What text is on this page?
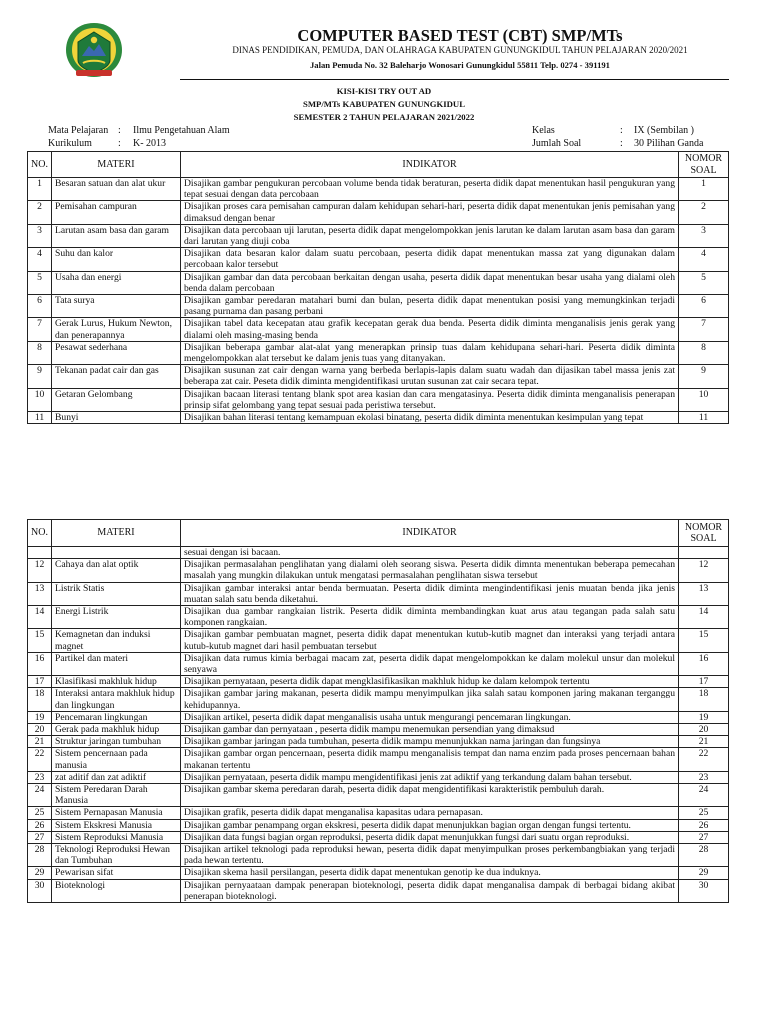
COMPUTER BASED TEST (CBT) SMP/MTs
DINAS PENDIDIKAN, PEMUDA, DAN OLAHRAGA KABUPATEN GUNUNGKIDUL TAHUN PELAJARAN 2020/2021
Jalan Pemuda No. 32 Baleharjo Wonosari Gunungkidul 55811 Telp. 0274 - 391191
KISI-KISI TRY OUT AD
SMP/MTs KABUPATEN GUNUNGKIDUL
SEMESTER 2 TAHUN PELAJARAN 2021/2022
Mata Pelajaran : Ilmu Pengetahuan Alam
Kurikulum	: K- 2013
Kelas	: IX (Sembilan )
Jumlah Soal	: 30 Pilihan Ganda
NO.	MATERI	INDIKATOR	NOMOR
SOAL

1	Besaran satuan dan alat ukur	Disajikan gambar pengukuran percobaan volume benda tidak beraturan, peserta didik dapat menentukan hasil pengukuran yang tepat sesuai dengan data percobaan	1
2	Pemisahan campuran	Disajikan proses cara pemisahan campuran dalam kehidupan sehari-hari, peserta didik dapat menentukan jenis pemisahan yang dimaksud dengan benar	2
3	Larutan asam basa dan garam	Disajikan data percobaan uji larutan, peserta didik dapat mengelompokkan jenis larutan ke dalam larutan asam basa dan garam dari larutan yang diuji coba	3
4	Suhu dan kalor	Disajikan data besaran kalor dalam suatu percobaan, peserta didik dapat menentukan massa zat yang digunakan dalam percobaan kalor tersebut	4
5	Usaha dan energi	Disajikan gambar dan data percobaan berkaitan dengan usaha, peserta didik dapat menentukan besar usaha yang dialami oleh benda dalam percobaan	5
6	Tata surya	Disajikan gambar peredaran matahari bumi dan bulan, peserta didik dapat menentukan posisi yang memungkinkan terjadi pasang purnama dan pasang perbani	6
7	Gerak Lurus, Hukum Newton, dan penerapannya	Disajikan tabel data kecepatan atau grafik kecepatan gerak dua benda. Peserta didik diminta menganalisis jenis gerak yang dialami oleh masing-masing benda	7
8	Pesawat sederhana	Disajikan beberapa gambar alat-alat yang menerapkan prinsip tuas dalam kehidupana sehari-hari. Peserta didik diminta mengelompokkan alat tersebut ke dalam jenis tuas yang ditanyakan.	8
9	Tekanan padat cair dan gas	Disajikan susunan zat cair dengan warna yang berbeda berlapis-lapis dalam suatu wadah dan dijasikan tabel massa jenis zat beberapa zat cair. Peseta didik diminta mengidentifikasi urutan susunan zat cair secara tepat.	9
10	Getaran Gelombang	Disajikan bacaan literasi tentang blank spot area kasian dan cara mengatasinya. Peserta didik diminta menganalisis penerapan prinsip sifat gelombang yang tepat sesuai pada peristiwa tersebut.	10
11	Bunyi	Disajikan bahan literasi tentang kemampuan ekolasi binatang, peserta didik diminta menentukan kesimpulan yang tepat	11
NO.	MATERI	INDIKATOR	NOMOR
SOAL

		sesuai dengan isi bacaan.	
12	Cahaya dan alat optik	Disajikan permasalahan penglihatan yang dialami oleh seorang siswa. Peserta didik dimnta menentukan beberapa pemecahan masalah yang mungkin dilakukan untuk mengatasi permasalahan penglihatan siswa tersebut	12
13	Listrik Statis	Disajikan gambar interaksi antar benda bermuatan. Peserta didik diminta mengindentifikasi jenis muatan benda jika jenis muatan salah satu benda diketahui.	13
14	Energi Listrik	Disajikan dua gambar rangkaian listrik. Peserta didik diminta membandingkan kuat arus atau tegangan pada salah satu komponen rangkaian.	14
15	Kemagnetan dan induksi magnet	Disajikan gambar pembuatan magnet, peserta didik dapat menentukan kutub-kutib magnet dan interaksi yang terjadi antara kutub-kutub magnet dari hasil pembuatan tersebut	15
16	Partikel dan materi	Disajikan data rumus kimia berbagai macam zat, peserta didik dapat mengelompokkan ke dalam molekul unsur dan molekul senyawa	16
17	Klasifikasi makhluk hidup	Disajikan pernyataan, peserta didik dapat mengklasifikasikan makhluk hidup ke dalam kelompok tertentu	17
18	Interaksi antara makhluk hidup dan lingkungan	Disajikan gambar jaring makanan, peserta didik mampu menyimpulkan jika salah satau komponen jaring makanan terganggu kehidupannya.	18
19	Pencemaran lingkungan	Disajikan artikel, peserta didik dapat menganalisis usaha untuk mengurangi pencemaran lingkungan.	19
20	Gerak pada makhluk hidup	Disajikan gambar dan pernyataan , peserta didik mampu menemukan persendian yang dimaksud	20
21	Struktur jaringan tumbuhan	Disajikan gambar jaringan pada tumbuhan, peserta didik mampu menunjukkan nama jaringan dan fungsinya	21
22	Sistem pencernaan pada manusia	Disajikan gambar organ pencernaan, peserta didik mampu menganalisis tempat dan nama enzim pada proses pencernaan bahan makanan tertentu	22
23	zat aditif dan zat adiktif	Disajikan pernyataan, peserta didik mampu mengidentifikasi jenis zat adiktif yang terkandung dalam bahan tersebut.	23
24	Sistem Peredaran Darah Manusia	Disajikan gambar skema peredaran darah, peserta didik dapat mengidentifikasi karakteristik pembuluh darah.	24
25	Sistem Pernapasan Manusia	Disajikan grafik, peserta didik dapat menganalisa kapasitas udara pernapasan.	25
26	Sistem Ekskresi Manusia	Disajikan gambar penampang organ ekskresi, peserta didik dapat menunjukkan bagian organ dengan fungsi tertentu.	26
27	Sistem Reproduksi Manusia	Disajikan data fungsi bagian organ reproduksi, peserta didik dapat menunjukkan fungsi dari suatu organ reproduksi.	27
28	Teknologi Reproduksi Hewan dan Tumbuhan	Disajikan artikel teknologi pada reproduksi hewan, peserta didik dapat menyimpulkan proses perkembangbiakan yang terjadi pada hewan tertentu.	28
29	Pewarisan sifat	Disajikan skema hasil persilangan, peserta didik dapat menentukan genotip ke dua induknya.	29
30	Bioteknologi	Disajikan pernyaataan dampak penerapan bioteknologi, peserta didik dapat menganalisa dampak di berbagai bidang akibat penerapan bioteknologi.	30
